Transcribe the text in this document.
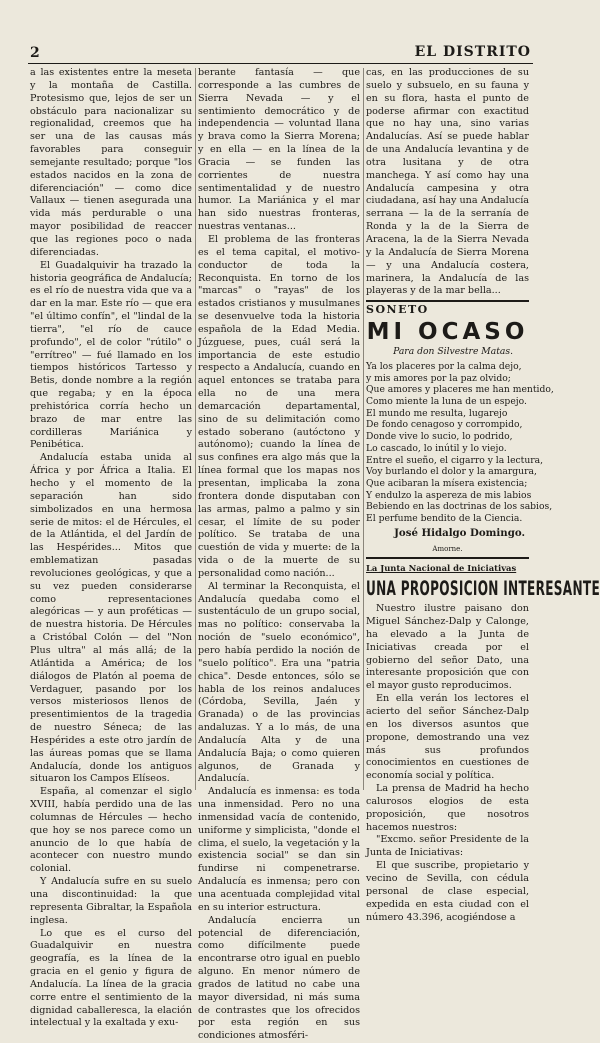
2	EL DISTRITO

a las existentes entre la meseta y la montaña de Castilla. Protesismo que, lejos de ser un obstáculo para nacionalizar su regionalidad, creemos que ha ser una de las causas más favorables para conseguir semejante resultado; porque "los estados nacidos en la zona de diferenciación" — como dice Vallaux — tienen asegurada una vida más perdurable o una mayor posibilidad de reaccer que las regiones poco o nada diferenciadas.

El Guadalquivir ha trazado la historia geográfica de Andalucía; es el río de nuestra vida que va a dar en la mar. Este río — que era "el último confín", el "lindal de la tierra", "el río de cauce profundo", el de color "rútilo" o "errítreo" — fué llamado en los tiempos históricos Tartesso y Betis, donde nombre a la región que regaba; y en la época prehistórica corría hecho un brazo de mar entre las cordilleras Mariánica y Penibética.

Andalucía estaba unida al África y por África a Italia. El hecho y el momento de la separación han sido simbolizados en una hermosa serie de mitos: el de Hércules, el de la Atlántida, el del Jardín de las Hespérides... Mitos que emblematizan pasadas revoluciones geológicas, y que a su vez pueden considerarse como representaciones alegóricas — y aun proféticas — de nuestra historia. De Hércules a Cristóbal Colón — del "Non Plus ultra" al más allá; de la Atlántida a América; de los diálogos de Platón al poema de Verdaguer, pasando por los versos misteriosos llenos de presentimientos de la tragedia de nuestro Séneca; de las Hespérides a este otro jardín de las áureas pomas que se llama Andalucía, donde los antiguos situaron los Campos Elíseos.

España, al comenzar el siglo XVIII, había perdido una de las columnas de Hércules — hecho que hoy se nos parece como un anuncio de lo que había de acontecer con nuestro mundo colonial.

Y Andalucía sufre en su suelo una discontinuidad: la que representa Gibraltar, la Española inglesa.

Lo que es el curso del Guadalquivir en nuestra geografía, es la línea de la gracia en el genio y figura de Andalucía. La línea de la gracia corre entre el sentimiento de la dignidad caballeresca, la elación intelectual y la exaltada y exu-

berante fantasía — que corresponde a las cumbres de Sierra Nevada — y el sentimiento democrático y de independencia — voluntad llana y brava como la Sierra Morena; y en ella — en la línea de la Gracia — se funden las corrientes de nuestra sentimentalidad y de nuestro humor. La Mariánica y el mar han sido nuestras fronteras, nuestras ventanas...

El problema de las fronteras es el tema capital, el motivo-conductor de toda la Reconquista. En torno de los "marcas" o "rayas" de los estados cristianos y musulmanes se desenvuelve toda la historia española de la Edad Media. Júzguese, pues, cuál será la importancia de este estudio respecto a Andalucía, cuando en aquel entonces se trataba para ella no de una mera demarcación departamental, sino de su delimitación como estado soberano (autóctono y autónomo); cuando la línea de sus confines era algo más que la línea formal que los mapas nos presentan, implicaba la zona frontera donde disputaban con las armas, palmo a palmo y sin cesar, el límite de su poder político. Se trataba de una cuestión de vida y muerte: de la vida o de la muerte de su personalidad como nación...

Al terminar la Reconquista, el Andalucía quedaba como el sustentáculo de un grupo social, mas no político: conservaba la noción de "suelo económico", pero había perdido la noción de "suelo político". Era una "patria chica". Desde entonces, sólo se habla de los reinos andaluces (Córdoba, Sevilla, Jaén y Granada) o de las provincias andaluzas. Y a lo más, de una Andalucía Alta y de una Andalucía Baja; o como quieren algunos, de Granada y Andalucía.

Andalucía es inmensa: es toda una inmensidad. Pero no una inmensidad vacía de contenido, uniforme y simplicista, "donde el clima, el suelo, la vegetación y la existencia social" se dan sin fundirse ni compenetrarse. Andalucía es inmensa; pero con una acentuada complejidad vital en su interior estructura.

Andalucía encierra un potencial de diferenciación, como difícilmente puede encontrarse otro igual en pueblo alguno. En menor número de grados de latitud no cabe una mayor diversidad, ni más suma de contrastes que los ofrecidos por esta región en sus condiciones atmosféri-

cas, en las producciones de su suelo y subsuelo, en su fauna y en su flora, hasta el punto de poderse afirmar con exactitud que no hay una, sino varias Andalucías. Así se puede hablar de una Andalucía levantina y de otra lusitana y de otra manchega. Y así como hay una Andalucía campesina y otra ciudadana, así hay una Andalucía serrana — la de la serranía de Ronda y la de la Sierra de Aracena, la de la Sierra Nevada y la Andalucía de Sierra Morena — y una Andalucía costera, marinera, la Andalucía de las playeras y de la mar bella...

SONETO
MI OCASO
Para don Silvestre Matas.

Ya los placeres por la calma dejo,

y mis amores por la paz olvido;

Que amores y placeres me han mentido,

Como miente la luna de un espejo.

El mundo me resulta, lugarejo

De fondo cenagoso y corrompido,

Donde vive lo sucio, lo podrido,

Lo cascado, lo inútil y lo viejo.

Entre el sueño, el cigarro y la lectura,

Voy burlando el dolor y la amargura,

Que acibaran la mísera existencia;

Y endulzo la aspereza de mis labios

Bebiendo en las doctrinas de los sabios,

El perfume bendito de la Ciencia.

José Hidalgo Domingo.
Amorne.
La Junta Nacional de Iniciativas
UNA PROPOSICION INTERESANTE

Nuestro ilustre paisano don Miguel Sánchez-Dalp y Calonge, ha elevado a la Junta de Iniciativas creada por el gobierno del señor Dato, una interesante proposición que con el mayor gusto reproducimos.

En ella verán los lectores el acierto del señor Sánchez-Dalp en los diversos asuntos que propone, demostrando una vez más sus profundos conocimientos en cuestiones de economía social y política.

La prensa de Madrid ha hecho calurosos elogios de esta proposición, que nosotros hacemos nuestros:

"Excmo. señor Presidente de la Junta de Iniciativas:

El que suscribe, propietario y vecino de Sevilla, con cédula personal de clase especial, expedida en esta ciudad con el número 43.396, acogiéndose a
